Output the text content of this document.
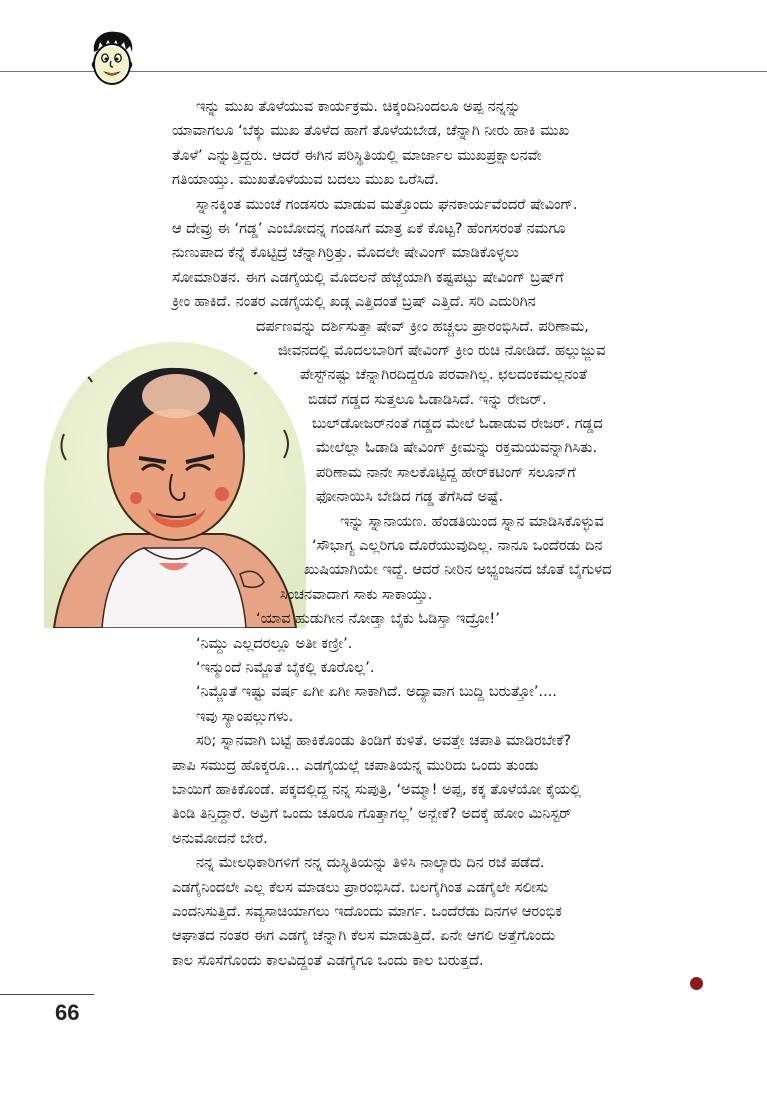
ಇನ್ನು ಮುಖ ತೊಳೆಯುವ ಕಾರ್ಯಕ್ರಮ. ಚಿಕ್ಕಂದಿನಿಂದಲೂ ಅಪ್ಪ ನನ್ನನ್ನು
ಯಾವಾಗಲೂ ‘ಬೆಕ್ಕು ಮುಖ ತೊಳೆದ ಹಾಗೆ ತೊಳೆಯಬೇಡ, ಚೆನ್ನಾಗಿ ನೀರು ಹಾಕಿ ಮುಖ
ತೊಳೆ’ ಎನ್ನುತ್ತಿದ್ದರು. ಆದರೆ ಈಗಿನ ಪರಿಸ್ಥಿತಿಯಲ್ಲಿ ಮಾರ್ಜಾಲ ಮುಖಪ್ರಕ್ಷಾಲನವೇ
ಗತಿಯಾಯ್ತು. ಮುಖತೊಳೆಯುವ ಬದಲು ಮುಖ ಒರೆಸಿದೆ.
ಸ್ನಾನಕ್ಕಿಂತ ಮುಂಚೆ ಗಂಡಸರು ಮಾಡುವ ಮತ್ತೊಂದು ಘನಕಾರ್ಯವೆಂದರೆ ಷೇವಿಂಗ್.
ಆ ದೇವ್ರು ಈ ‘ಗಡ್ಡ’ ಎಂಬೋದನ್ನ ಗಂಡಸಿಗೆ ಮಾತ್ರ ಏಕೆ ಕೊಟ್ಟ? ಹೆಂಗಸರಂತೆ ನಮಗೂ
ನುಣುಪಾದ ಕೆನ್ನೆ ಕೊಟ್ಟಿದ್ರೆ ಚೆನ್ನಾಗಿರ್ರಿತ್ತು. ಮೊದಲೇ ಷೇವಿಂಗ್ ಮಾಡಿಕೊಳ್ಳಲು
ಸೋಮಾರಿತನ. ಈಗ ಎಡಗೈಯಲ್ಲಿ ಮೊದಲನೆ ಹೆಜ್ಜೆಯಾಗಿ ಕಷ್ಟಪಟ್ಟು ಷೇವಿಂಗ್ ಬ್ರಷ್‌ಗೆ
ಕ್ರೀಂ ಹಾಕಿದೆ. ನಂತರ ಎಡಗೈಯಲ್ಲಿ ಖಡ್ಗ ಎತ್ತಿದಂತೆ ಬ್ರಷ್ ಎತ್ತಿದೆ. ಸರಿ ಎದುರಿಗಿನ
ದರ್ಪಣವನ್ನು ದರ್ಶಿಸುತ್ತಾ ಷೇವ್ ಕ್ರೀಂ ಹಚ್ಚಲು ಪ್ರಾರಂಭಿಸಿದೆ. ಪರಿಣಾಮ,
ಜೀವನದಲ್ಲಿ ಮೊದಲಬಾರಿಗೆ ಷೇವಿಂಗ್ ಕ್ರೀಂ ರುಚಿ ನೋಡಿದೆ. ಹಲ್ಲುಜ್ಜುವ
ಪೇಸ್ಟ್‌ನಷ್ಟು ಚೆನ್ನಾಗಿರದಿದ್ದರೂ ಪರವಾಗಿಲ್ಲ. ಛಲದಂಕಮಲ್ಲನಂತೆ
ಬಿಡದೆ ಗಡ್ಡದ ಸುತ್ತಲೂ ಓಡಾಡಿಸಿದೆ. ಇನ್ನು ರೇಜರ್.
ಬುಲ್‌ಡೋಜರ್‌ನಂತೆ ಗಡ್ಡದ ಮೇಲೆ ಓಡಾಡುವ ರೇಜರ್. ಗಡ್ಡದ
ಮೇಲೆಲ್ಲಾ ಓಡಾಡಿ ಷೇವಿಂಗ್ ಕ್ರೀಮನ್ನು ರಕ್ತಮಯವನ್ನಾಗಿಸಿತು.
ಪರಿಣಾಮ ನಾನೇ ಸಾಲಕೊಟ್ಟಿದ್ದ ಹೇರ್‌ಕಟಿಂಗ್ ಸಲೂನ್‌ಗೆ
ಫೋನಾಯಿಸಿ ಬೇಡಿದ ಗಡ್ಡ ತೆಗೆಸಿದೆ ಅಷ್ಟೆ.
ಇನ್ನು ಸ್ನಾನಾಯಣ. ಹೆಂಡತಿಯಿಂದ ಸ್ನಾನ ಮಾಡಿಸಿಕೊಳ್ಳುವ
‘ಸೌಭಾಗ್ಯ ಎಲ್ಲರಿಗೂ ದೊರೆಯುವುದಿಲ್ಲ. ನಾನೂ ಒಂದೆರಡು ದಿನ
ಖುಷಿಯಾಗಿಯೇ ಇದ್ದೆ. ಆದರೆ ನೀರಿನ ಅಭ್ಯಂಜನದ ಜೊತೆ ಬೈಗುಳದ
ಸಿಂಚನವಾದಾಗ ಸಾಕು ಸಾಕಾಯ್ತು.
‘ಯಾವ ಹುಡುಗೀನ ನೋಡ್ತಾ ಬೈಕು ಓಡಿಸ್ತಾ ಇದ್ರೋ!’
‘ನಿಮ್ದು ಎಲ್ಲದರಲ್ಲೂ ಅತೀ ಕಣ್ರೀ’.
‘ಇನ್ಮುಂದೆ ನಿಮ್ಜೊತೆ ಬೈಕಲ್ಲಿ ಕೂರೊಲ್ಲ’.
‘ನಿಮ್ಜೊತೆ ಇಷ್ಟು ವರ್ಷ ಏಗೀ ಏಗೀ ಸಾಕಾಗಿದೆ. ಅದ್ಯಾವಾಗ ಬುದ್ದಿ ಬರುತ್ತೋ’....
ಇವು ಸ್ಯಾಂಪಲ್ಲುಗಳು.
ಸರಿ; ಸ್ನಾನವಾಗಿ ಬಟ್ಟೆ ಹಾಕಿಕೊಂಡು ತಿಂಡಿಗೆ ಕುಳಿತೆ. ಅವತ್ತೇ ಚಪಾತಿ ಮಾಡಿರಬೇಕೆ?
ಪಾಪಿ ಸಮುದ್ರ ಹೊಕ್ಕರೂ... ಎಡಗೈಯಲ್ಲೆ ಚಪಾತಿಯನ್ನ ಮುರಿದು ಒಂದು ತುಂಡು
ಬಾಯಿಗೆ ಹಾಕಿಕೊಂಡೆ. ಪಕ್ಕದಲ್ಲಿದ್ದ ನನ್ನ ಸುಪುತ್ರಿ, ‘ಅಮ್ಮಾ! ಅಪ್ಪ, ಕಕ್ಕ ತೊಳೆಯೋ ಕೈಯಲ್ಲಿ
ತಿಂಡಿ ತಿನ್ತಿದ್ದಾರೆ. ಅವ್ರಿಗೆ ಒಂದು ಚೂರೂ ಗೊತ್ತಾಗಲ್ಲ’ ಅನ್ಬೇಕೆ? ಅದಕ್ಕೆ ಹೋಂ ಮಿನಿಸ್ಟರ್
ಅನುಮೋದನೆ ಬೇರೆ.
ನನ್ನ ಮೇಲಧಿಕಾರಿಗಳಿಗೆ ನನ್ನ ದುಸ್ಥಿತಿಯನ್ನು ತಿಳಿಸಿ ನಾಲ್ಕಾರು ದಿನ ರಜೆ ಪಡೆದೆ.
ಎಡಗೈನಿಂದಲೇ ಎಲ್ಲ ಕೆಲಸ ಮಾಡಲು ಪ್ರಾರಂಭಿಸಿದೆ. ಬಲಗೈಗಿಂತ ಎಡಗೈಲೇ ಸಲೀಸು
ಎಂದನಿಸುತ್ತಿದೆ. ಸವ್ಯಸಾಚಿಯಾಗಲು ಇದೊಂದು ಮಾರ್ಗ. ಒಂದೆರೆಡು ದಿನಗಳ ಆರಂಭಿಕ
ಆಘಾತದ ನಂತರ ಈಗ ಎಡಗೈ ಚೆನ್ನಾಗಿ ಕೆಲಸ ಮಾಡುತ್ತಿದೆ. ಏನೇ ಆಗಲಿ ಅತ್ತೆಗೊಂದು
ಕಾಲ ಸೊಸೆಗೊಂದು ಕಾಲವಿದ್ದಂತೆ ಎಡಗೈಗೂ ಒಂದು ಕಾಲ ಬರುತ್ತದೆ.
66
